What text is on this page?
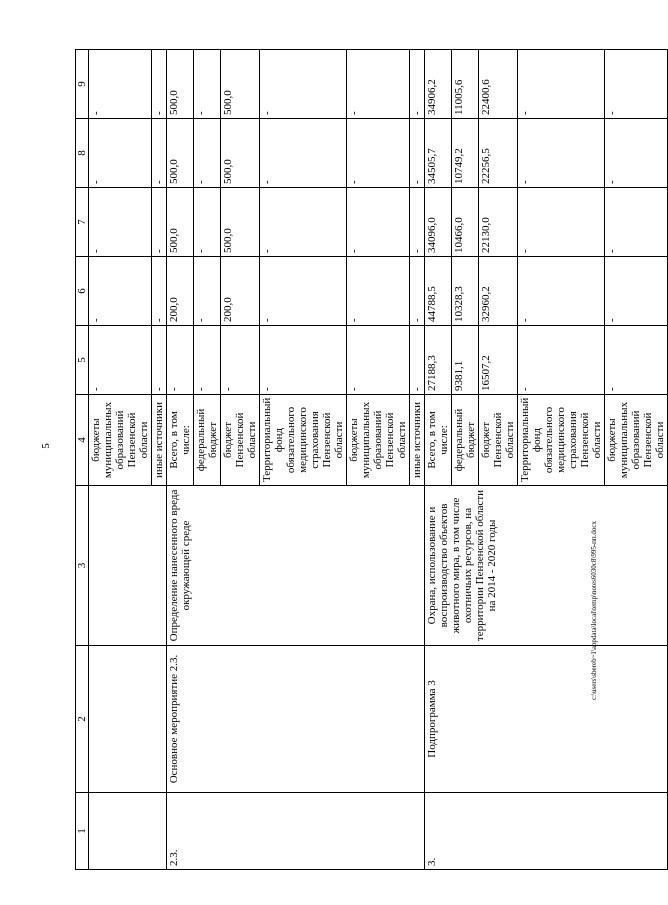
5
c:\users\sbereb~1\appdata\local\temp\notes6030c8\995-пп.docx
1	2	3	4	5	6	7	8	9
			бюджеты муниципальных образований Пензенской области	-	-	-	-	-
			иные источники	-	-	-	-	-
2.3.	Основное мероприятие 2.3.	Определение нанесенного вреда окружающей среде	Всего, в том числе:	-	200,0	500,0	500,0	500,0
			федеральный бюджет	-	-	-	-	-
			бюджет Пензенской области	-	200,0	500,0	500,0	500,0
			Территориальный фонд обязательного медицинского страхования Пензенской области	-	-	-	-	-
			бюджеты муниципальных образований Пензенской области	-	-	-	-	-
			иные источники	-	-	-	-	-
3.	Подпрограмма 3	Охрана, использование и воспроизводство объектов животного мира, в том числе охотничьих ресурсов, на территории Пензенской области на 2014 - 2020 годы	Всего, в том числе:	27188,3	44788,5	34096,0	34505,7	34906,2
			федеральный бюджет	9381,1	10328,3	10466,0	10749,2	11005,6
			бюджет Пензенской области	16507,2	32960,2	22130,0	22256,5	22400,6
			Территориальный фонд обязательного медицинского страхования Пензенской области	-	-	-	-	-
			бюджеты муниципальных образований Пензенской области	-	-	-	-	-
